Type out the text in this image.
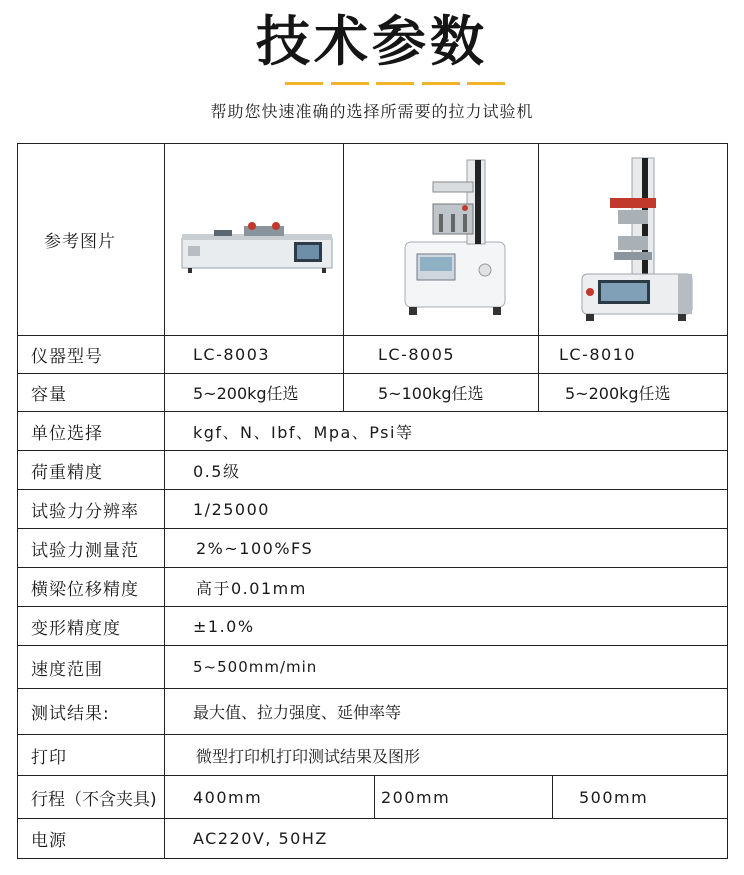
技术参数
帮助您快速准确的选择所需要的拉力试验机
参考图片
仪器型号	LC-8003	LC-8005	LC-8010
容量	5~200kg任选	5~100kg任选	5~200kg任选
单位选择	kgf、N、Ibf、Mpa、Psi等
荷重精度	0.5级
试验力分辨率	1/25000
试验力测量范	2%~100%FS
横梁位移精度	高于0.01mm
变形精度度	±1.0%
速度范围	5~500mm/min
测试结果:	最大值、拉力强度、延伸率等
打印	微型打印机打印测试结果及图形
行程（不含夹具)	400mm	200mm	500mm
电源	AC220V, 50HZ
